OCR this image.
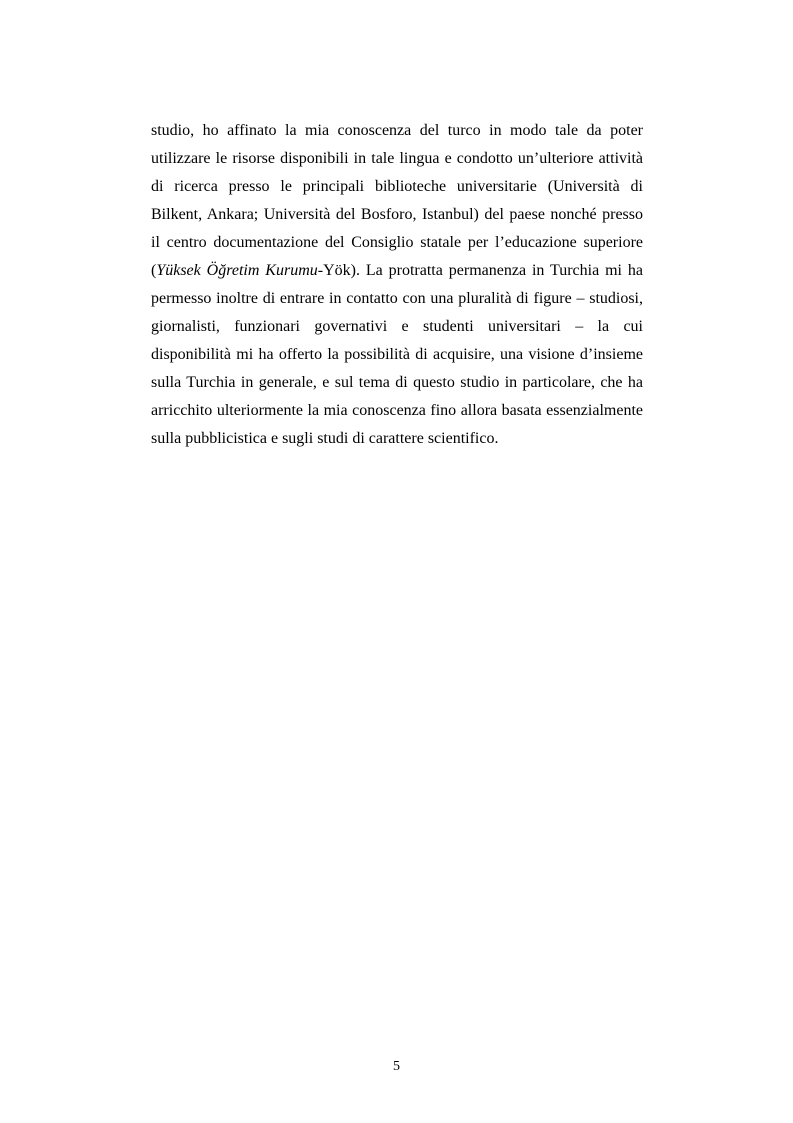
studio, ho affinato la mia conoscenza del turco in modo tale da poter
utilizzare le risorse disponibili in tale lingua e condotto un’ulteriore attività
di ricerca presso le principali biblioteche universitarie (Università di
Bilkent, Ankara; Università del Bosforo, Istanbul) del paese nonché presso
il centro documentazione del Consiglio statale per l’educazione superiore
(Yüksek Öğretim Kurumu-Yök). La protratta permanenza in Turchia mi ha
permesso inoltre di entrare in contatto con una pluralità di figure – studiosi,
giornalisti, funzionari governativi e studenti universitari – la cui
disponibilità mi ha offerto la possibilità di acquisire, una visione d’insieme
sulla Turchia in generale, e sul tema di questo studio in particolare, che ha
arricchito ulteriormente la mia conoscenza fino allora basata essenzialmente
sulla pubblicistica e sugli studi di carattere scientifico.

5
